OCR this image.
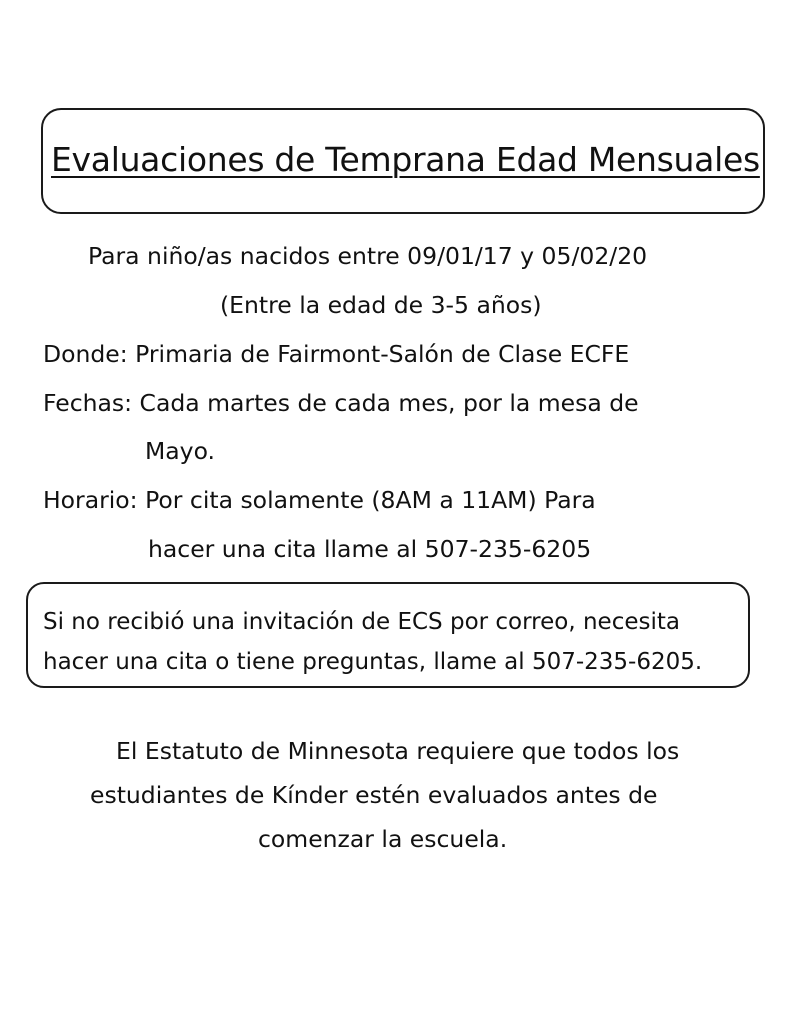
Evaluaciones de Temprana Edad Mensuales

Para niño/as nacidos entre 09/01/17 y 05/02/20

(Entre la edad de 3-5 años)

Donde: Primaria de Fairmont-Salón de Clase ECFE

Fechas: Cada martes de cada mes, por la mesa de

Mayo.

Horario: Por cita solamente (8AM a 11AM) Para

hacer una cita llame al 507-235-6205

Si no recibió una invitación de ECS por correo, necesita

hacer una cita o tiene preguntas, llame al 507-235-6205.

El Estatuto de Minnesota requiere que todos los

estudiantes de Kínder estén evaluados antes de

comenzar la escuela.
